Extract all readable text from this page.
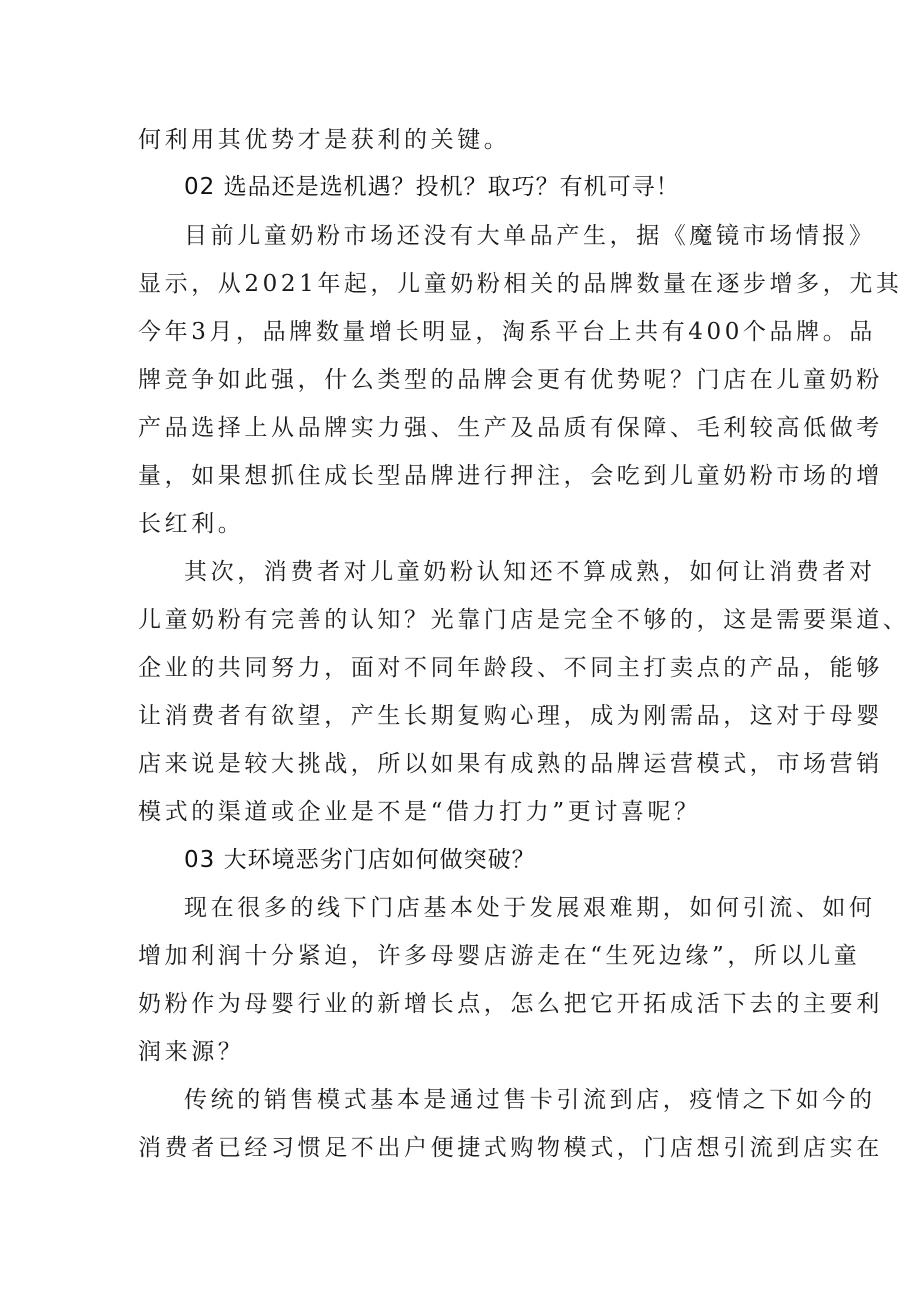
何利用其优势才是获利的关键。
02 选品还是选机遇？投机？取巧？有机可寻！
目前儿童奶粉市场还没有大单品产生，据《魔镜市场情报》
显示，从2021年起，儿童奶粉相关的品牌数量在逐步增多，尤其
今年3月，品牌数量增长明显，淘系平台上共有400个品牌。品
牌竞争如此强，什么类型的品牌会更有优势呢？门店在儿童奶粉
产品选择上从品牌实力强、生产及品质有保障、毛利较高低做考
量，如果想抓住成长型品牌进行押注，会吃到儿童奶粉市场的增
长红利。
其次，消费者对儿童奶粉认知还不算成熟，如何让消费者对
儿童奶粉有完善的认知？光靠门店是完全不够的，这是需要渠道、
企业的共同努力，面对不同年龄段、不同主打卖点的产品，能够
让消费者有欲望，产生长期复购心理，成为刚需品，这对于母婴
店来说是较大挑战，所以如果有成熟的品牌运营模式，市场营销
模式的渠道或企业是不是“借力打力”更讨喜呢？
03 大环境恶劣门店如何做突破？
现在很多的线下门店基本处于发展艰难期，如何引流、如何
增加利润十分紧迫，许多母婴店游走在“生死边缘”，所以儿童
奶粉作为母婴行业的新增长点，怎么把它开拓成活下去的主要利
润来源？
传统的销售模式基本是通过售卡引流到店，疫情之下如今的
消费者已经习惯足不出户便捷式购物模式，门店想引流到店实在
